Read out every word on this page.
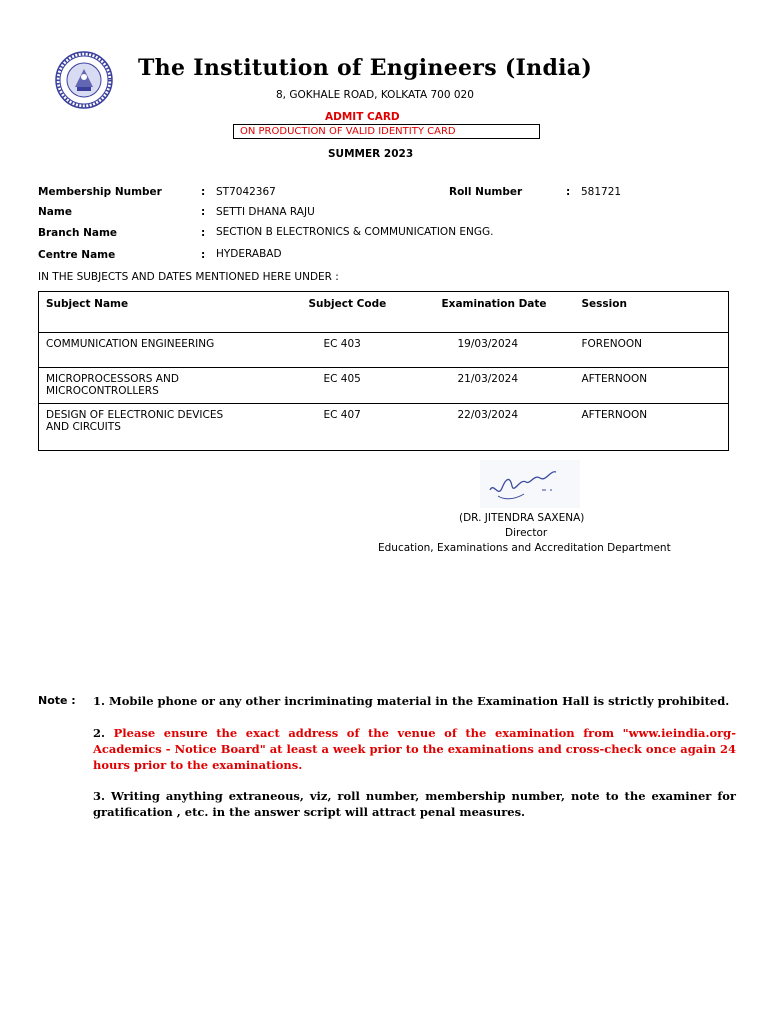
The Institution of Engineers (India)
8, GOKHALE ROAD, KOLKATA 700 020
ADMIT CARD
ON PRODUCTION OF VALID IDENTITY CARD
SUMMER 2023
Membership Number	: ST7042367	Roll Number	: 581721
Name	: SETTI DHANA RAJU
Branch Name	: SECTION B ELECTRONICS & COMMUNICATION ENGG.
Centre Name	: HYDERABAD
IN THE SUBJECTS AND DATES MENTIONED HERE UNDER :
Subject Name	Subject Code	Examination Date	Session
COMMUNICATION ENGINEERING	EC 403	19/03/2024	FORENOON
MICROPROCESSORS AND MICROCONTROLLERS	EC 405	21/03/2024	AFTERNOON
DESIGN OF ELECTRONIC DEVICES AND CIRCUITS	EC 407	22/03/2024	AFTERNOON
(DR. JITENDRA SAXENA)
Director
Education, Examinations and Accreditation Department
Note : 1. Mobile phone or any other incriminating material in the Examination Hall is strictly prohibited.
2. Please ensure the exact address of the venue of the examination from "www.ieindia.org- Academics - Notice Board" at least a week prior to the examinations and cross-check once again 24 hours prior to the examinations.
3. Writing anything extraneous, viz, roll number, membership number, note to the examiner for gratification , etc. in the answer script will attract penal measures.
